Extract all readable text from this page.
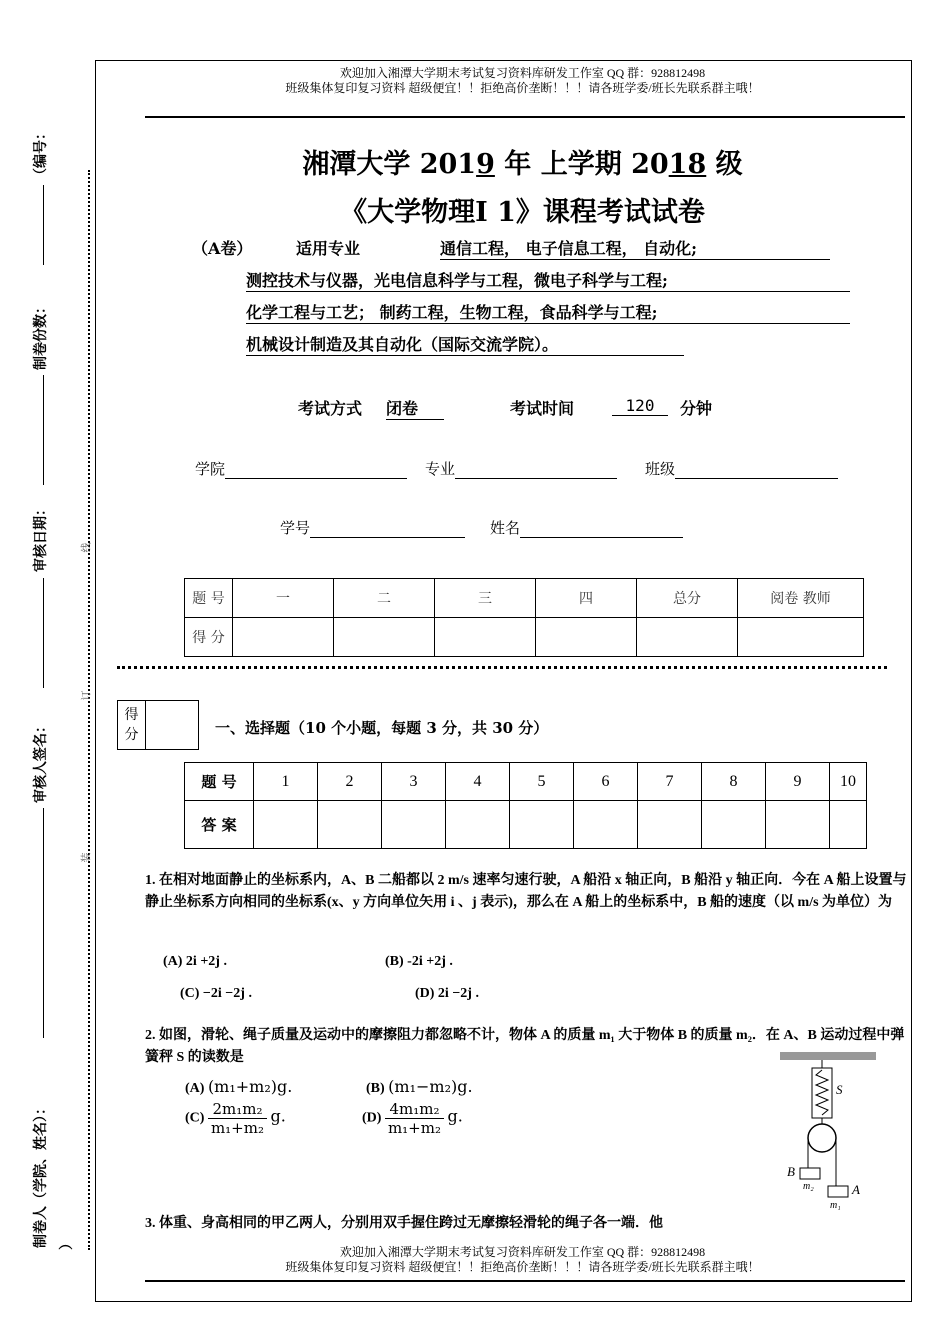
欢迎加入湘潭大学期末考试复习资料库研发工作室 QQ 群：928812498
班级集体复印复习资料 超级便宜！！拒绝高价垄断！！！请各班学委/班长先联系群主哦！
（编号：
制卷份数：
审核日期：
审核人签名：
制卷人（学院、姓名）： ）
线
订
装
湘潭大学 2019 年 上学期 2018 级
《大学物理Ⅰ 1》课程考试试卷
（A卷）	适用专业	通信工程， 电子信息工程， 自动化;
测控技术与仪器，光电信息科学与工程，微电子科学与工程;
化学工程与工艺； 制药工程，生物工程，食品科学与工程;
机械设计制造及其自动化（国际交流学院）。
考试方式 闭卷	考试时间	120	分钟
学院	专业	班级
学号	姓名
题 号	一	二	三	四	总分	阅卷 教师
得 分						
得 分	一、选择题（10 个小题，每题 3 分，共 30 分）
题 号	1	2	3	4	5	6	7	8	9	10
答 案										
1. 在相对地面静止的坐标系内，A、B 二船都以 2 m/s 速率匀速行驶，A 船沿 x 轴正向，B 船沿 y 轴正向．今在 A 船上设置与静止坐标系方向相同的坐标系(x、y 方向单位矢用 i 、j 表示)，那么在 A 船上的坐标系中，B 船的速度（以 m/s 为单位）为
(A) 2i +2j .	(B) -2i +2j .
(C) −2i −2j .	(D) 2i −2j .
2. 如图，滑轮、绳子质量及运动中的摩擦阻力都忽略不计，物体 A 的质量 m₁ 大于物体 B 的质量 m₂．在 A、B 运动过程中弹簧秤 S 的读数是
(A) (m₁+m₂)g.	(B) (m₁−m₂)g.
$(C) \frac{\text{2m₁m₂}}{\text{m₁+m₂}} g$.	$(D) \frac{\text{4m₁m₂}}{\text{m₁+m₂}} g$.
S
B
m₂	A
m₁
3. 体重、身高相同的甲乙两人，分别用双手握住跨过无摩擦轻滑轮的绳子各一端．他
欢迎加入湘潭大学期末考试复习资料库研发工作室 QQ 群：928812498
班级集体复印复习资料 超级便宜！！拒绝高价垄断！！！请各班学委/班长先联系群主哦！
